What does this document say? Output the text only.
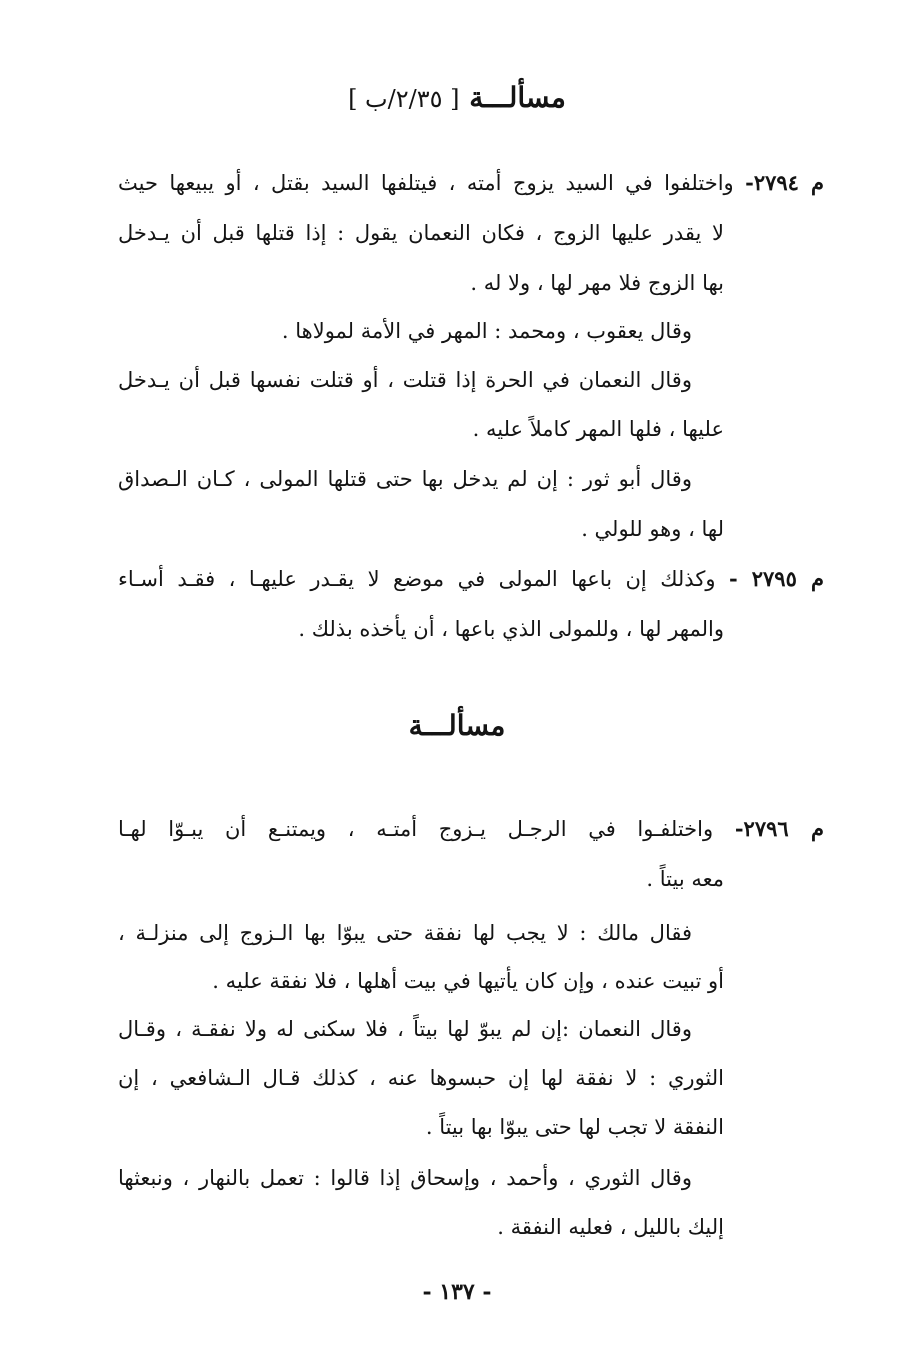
مسألـــة [ ٢/٣٥/ب ]
م ٢٧٩٤- واختلفوا في السيد يزوج أمته ، فيتلفها السيد بقتل ، أو يبيعها حيث
لا يقدر عليها الزوج ، فكان النعمان يقول : إذا قتلها قبل أن يـدخل
بها الزوج فلا مهر لها ، ولا له .
وقال يعقوب ، ومحمد : المهر في الأمة لمولاها .
وقال النعمان في الحرة إذا قتلت ، أو قتلت نفسها قبل أن يـدخل
عليها ، فلها المهر كاملاً عليه .
وقال أبو ثور : إن لم يدخل بها حتى قتلها المولى ، كـان الـصداق
لها ، وهو للولي .
م ٢٧٩٥ - وكذلك إن باعها المولى في موضع لا يقـدر عليهـا ، فقـد أسـاء
والمهر لها ، وللمولى الذي باعها ، أن يأخذه بذلك .
مسألـــة
م ٢٧٩٦- واختلفـوا في الرجـل يـزوج أمتـه ، ويمتنـع أن يبـوّا لهـا
معه بيتاً .
فقال مالك : لا يجب لها نفقة حتى يبوّا بها الـزوج إلى منزلـة ،
أو تبيت عنده ، وإن كان يأتيها في بيت أهلها ، فلا نفقة عليه .
وقال النعمان :إن لم يبوّ لها بيتاً ، فلا سكنى له ولا نفقـة ، وقـال
الثوري : لا نفقة لها إن حبسوها عنه ، كذلك قـال الـشافعي ، إن
النفقة لا تجب لها حتى يبوّا بها بيتاً .
وقال الثوري ، وأحمد ، وإسحاق إذا قالوا : تعمل بالنهار ، ونبعثها
إليك بالليل ، فعليه النفقة .
- ١٣٧ -
